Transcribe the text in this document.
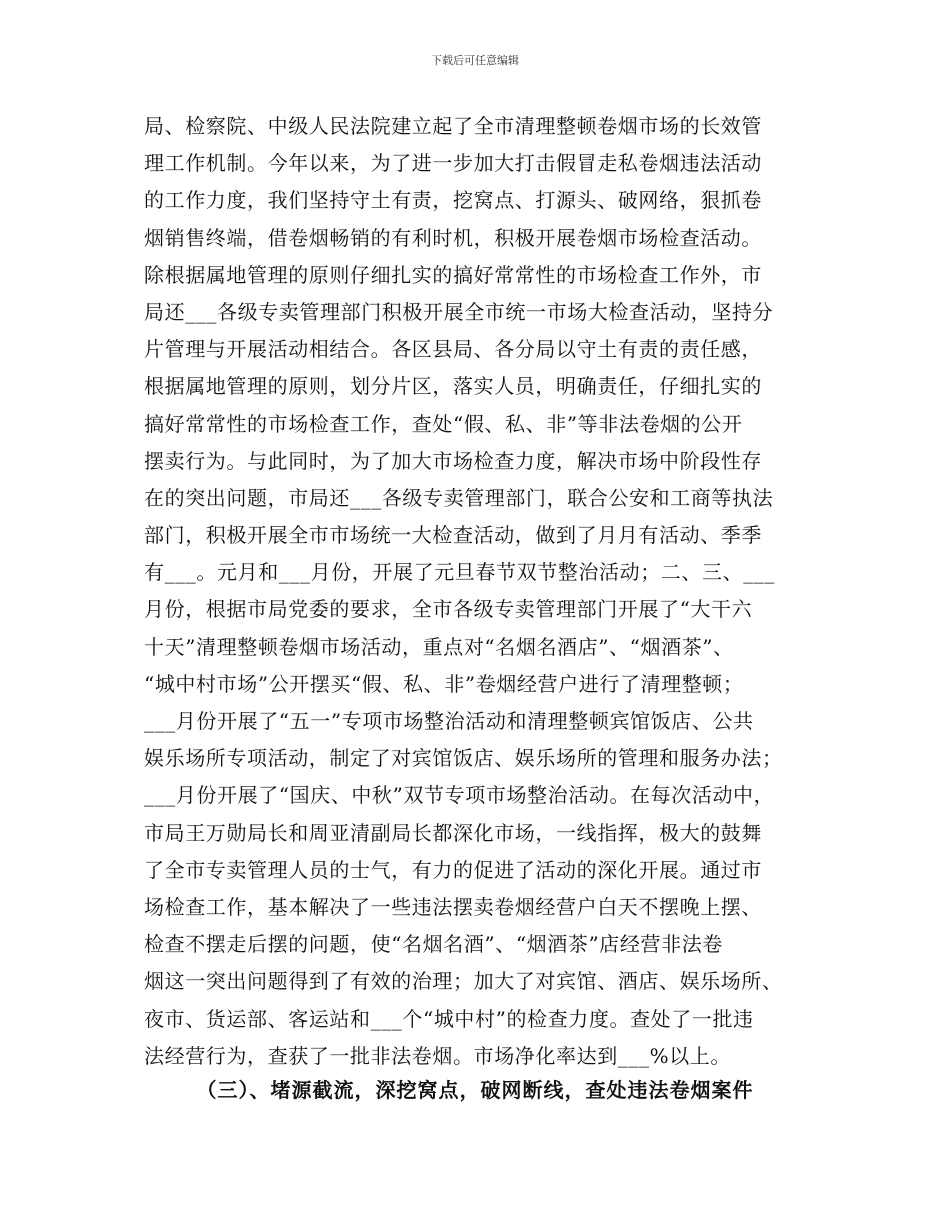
下载后可任意编辑
局、检察院、中级人民法院建立起了全市清理整顿卷烟市场的长效管
理工作机制。今年以来，为了进一步加大打击假冒走私卷烟违法活动
的工作力度，我们坚持守土有责，挖窝点、打源头、破网络，狠抓卷
烟销售终端，借卷烟畅销的有利时机，积极开展卷烟市场检查活动。
除根据属地管理的原则仔细扎实的搞好常常性的市场检查工作外，市
局还___各级专卖管理部门积极开展全市统一市场大检查活动，坚持分
片管理与开展活动相结合。各区县局、各分局以守土有责的责任感，
根据属地管理的原则，划分片区，落实人员，明确责任，仔细扎实的
搞好常常性的市场检查工作，查处“假、私、非”等非法卷烟的公开
摆卖行为。与此同时，为了加大市场检查力度，解决市场中阶段性存
在的突出问题，市局还___各级专卖管理部门，联合公安和工商等执法
部门，积极开展全市市场统一大检查活动，做到了月月有活动、季季
有___。元月和___月份，开展了元旦春节双节整治活动；二、三、___
月份，根据市局党委的要求，全市各级专卖管理部门开展了“大干六
十天”清理整顿卷烟市场活动，重点对“名烟名酒店”、“烟酒茶”、
“城中村市场”公开摆买“假、私、非”卷烟经营户进行了清理整顿；
___月份开展了“五一”专项市场整治活动和清理整顿宾馆饭店、公共
娱乐场所专项活动，制定了对宾馆饭店、娱乐场所的管理和服务办法；
___月份开展了“国庆、中秋”双节专项市场整治活动。在每次活动中，
市局王万勋局长和周亚清副局长都深化市场，一线指挥，极大的鼓舞
了全市专卖管理人员的士气，有力的促进了活动的深化开展。通过市
场检查工作，基本解决了一些违法摆卖卷烟经营户白天不摆晚上摆、
检查不摆走后摆的问题，使“名烟名酒”、“烟酒茶”店经营非法卷
烟这一突出问题得到了有效的治理；加大了对宾馆、酒店、娱乐场所、
夜市、货运部、客运站和___个“城中村”的检查力度。查处了一批违
法经营行为，查获了一批非法卷烟。市场净化率达到___%以上。
（三）、堵源截流，深挖窝点，破网断线，查处违法卷烟案件
